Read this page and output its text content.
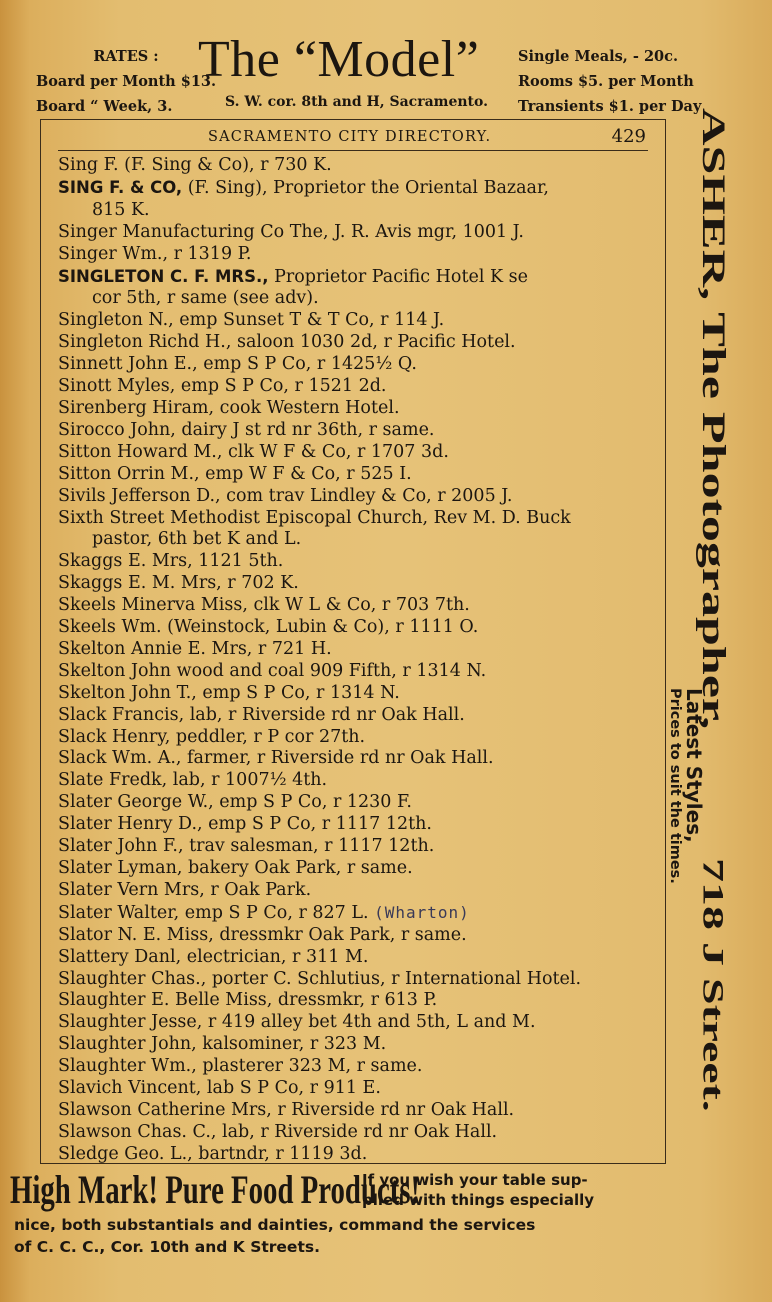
RATES :
Board per Month $13.
Board “ Week, 3.
The “Model”
S. W. cor. 8th and H, Sacramento.
Single Meals, - 20c.
Rooms $5. per Month
Transients $1. per Day
SACRAMENTO CITY DIRECTORY.	429
Sing F. (F. Sing & Co), r 730 K.
SING F. & CO, (F. Sing), Proprietor the Oriental Bazaar,
815 K.
Singer Manufacturing Co The, J. R. Avis mgr, 1001 J.
Singer Wm., r 1319 P.
SINGLETON C. F. MRS., Proprietor Pacific Hotel K se
cor 5th, r same (see adv).
Singleton N., emp Sunset T & T Co, r 114 J.
Singleton Richd H., saloon 1030 2d, r Pacific Hotel.
Sinnett John E., emp S P Co, r 1425½ Q.
Sinott Myles, emp S P Co, r 1521 2d.
Sirenberg Hiram, cook Western Hotel.
Sirocco John, dairy J st rd nr 36th, r same.
Sitton Howard M., clk W F & Co, r 1707 3d.
Sitton Orrin M., emp W F & Co, r 525 I.
Sivils Jefferson D., com trav Lindley & Co, r 2005 J.
Sixth Street Methodist Episcopal Church, Rev M. D. Buck
pastor, 6th bet K and L.
Skaggs E. Mrs, 1121 5th.
Skaggs E. M. Mrs, r 702 K.
Skeels Minerva Miss, clk W L & Co, r 703 7th.
Skeels Wm. (Weinstock, Lubin & Co), r 1111 O.
Skelton Annie E. Mrs, r 721 H.
Skelton John wood and coal 909 Fifth, r 1314 N.
Skelton John T., emp S P Co, r 1314 N.
Slack Francis, lab, r Riverside rd nr Oak Hall.
Slack Henry, peddler, r P cor 27th.
Slack Wm. A., farmer, r Riverside rd nr Oak Hall.
Slate Fredk, lab, r 1007½ 4th.
Slater George W., emp S P Co, r 1230 F.
Slater Henry D., emp S P Co, r 1117 12th.
Slater John F., trav salesman, r 1117 12th.
Slater Lyman, bakery Oak Park, r same.
Slater Vern Mrs, r Oak Park.
Slater Walter, emp S P Co, r 827 L. (Wharton)
Slator N. E. Miss, dressmkr Oak Park, r same.
Slattery Danl, electrician, r 311 M.
Slaughter Chas., porter C. Schlutius, r International Hotel.
Slaughter E. Belle Miss, dressmkr, r 613 P.
Slaughter Jesse, r 419 alley bet 4th and 5th, L and M.
Slaughter John, kalsominer, r 323 M.
Slaughter Wm., plasterer 323 M, r same.
Slavich Vincent, lab S P Co, r 911 E.
Slawson Catherine Mrs, r Riverside rd nr Oak Hall.
Slawson Chas. C., lab, r Riverside rd nr Oak Hall.
Sledge Geo. L., bartndr, r 1119 3d.
ASHER, The Photographer,
Latest Styles,
Prices to suit the times.
718 J Street.
High Mark! Pure Food Products!
If you wish your table sup-
plied with things especially
nice, both substantials and dainties, command the services
of C. C. C., Cor. 10th and K Streets.
